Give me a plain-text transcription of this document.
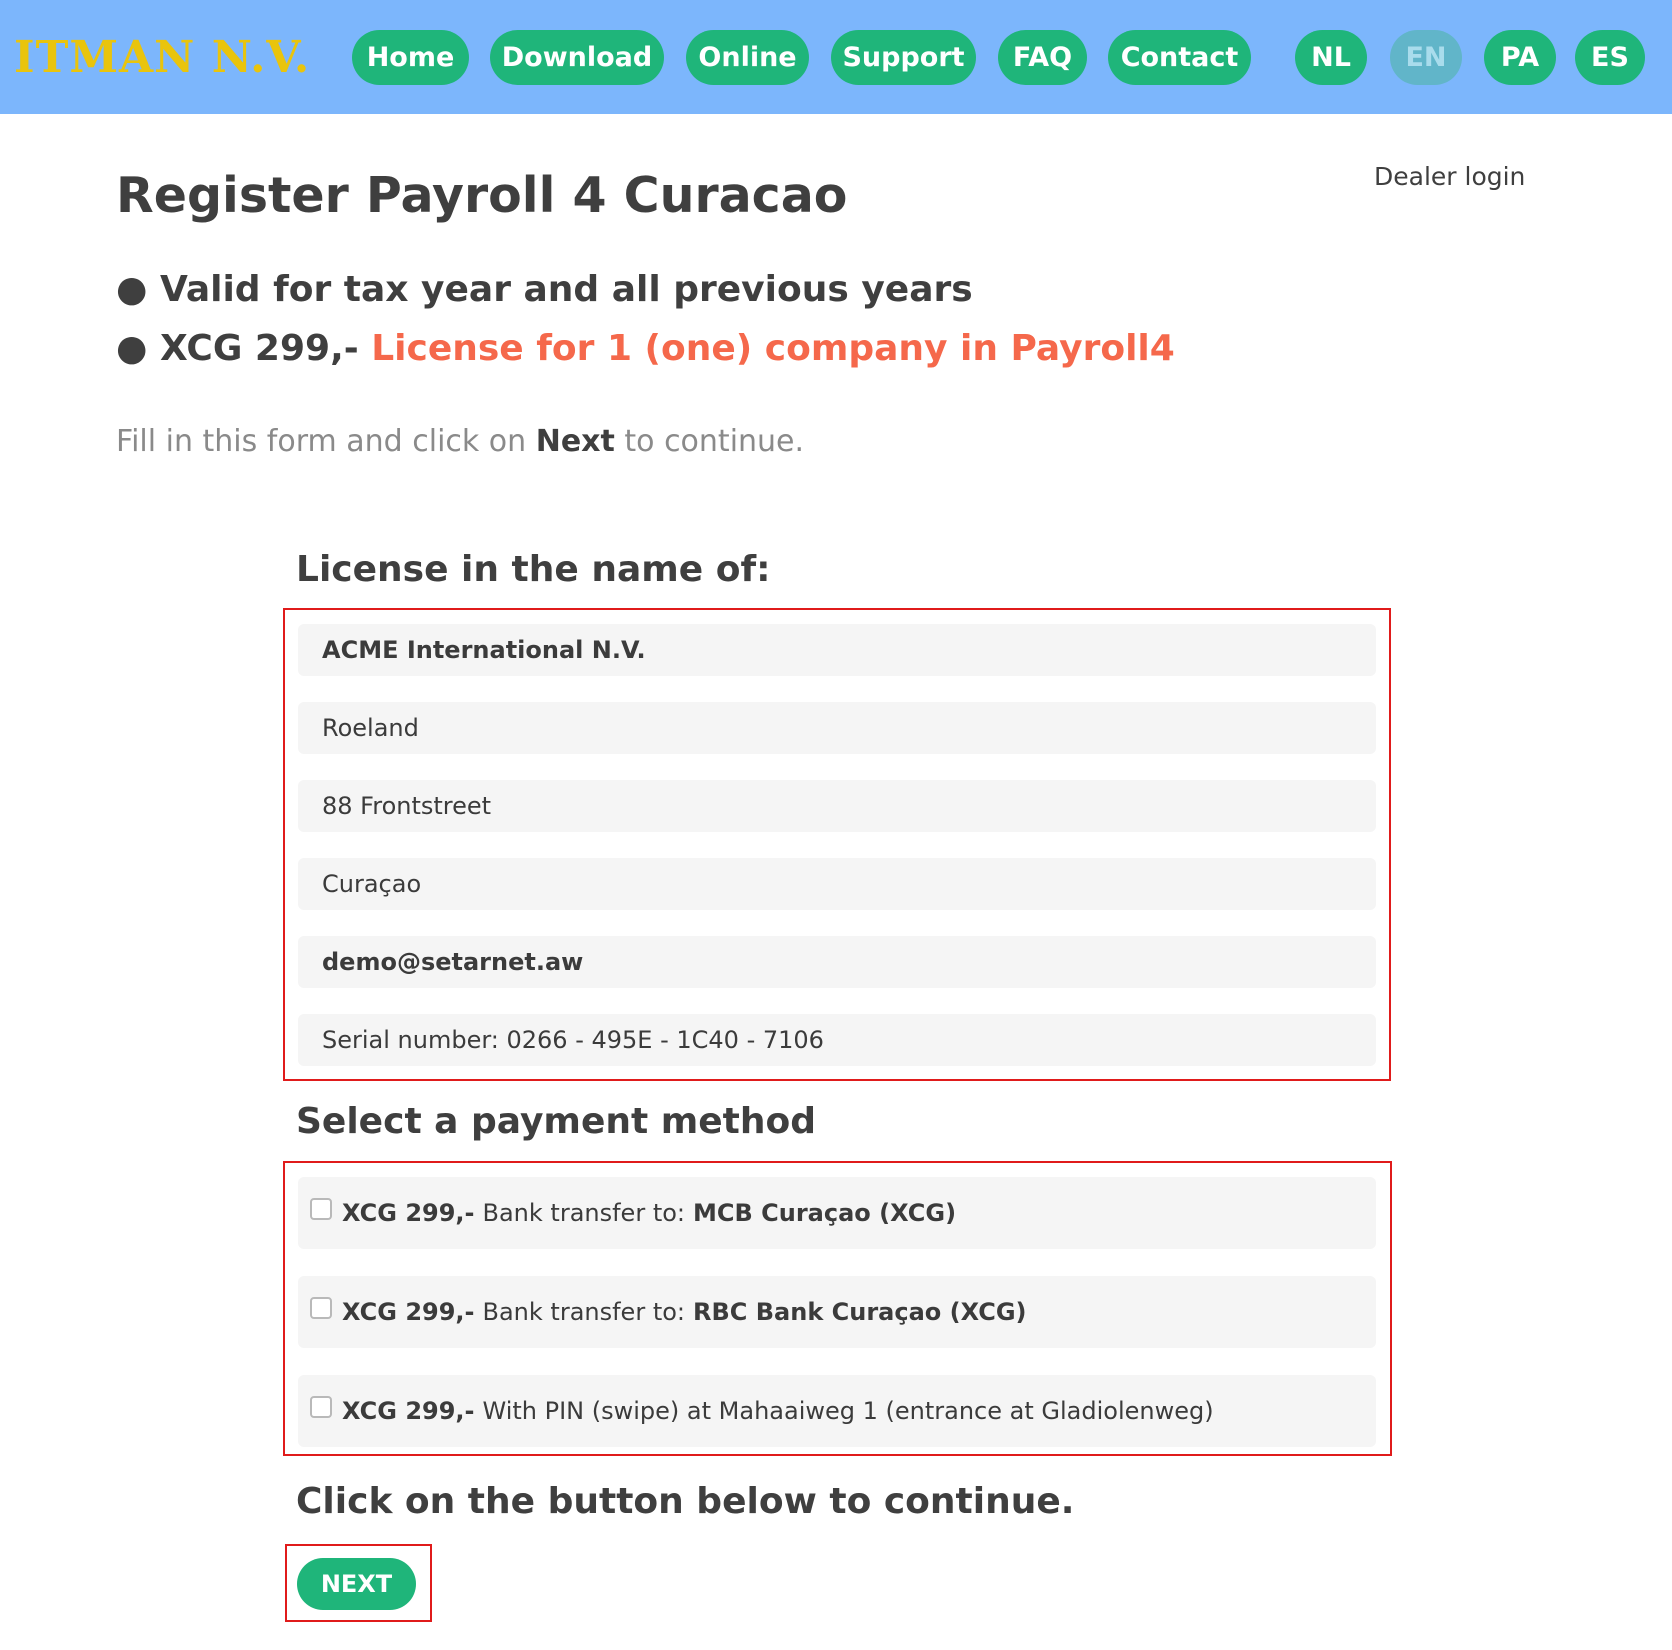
ITMAN N.V.	Home	Download	Online	Support	FAQ	Contact	NL	EN	PA	ES
Register Payroll 4 Curacao	Dealer login
● Valid for tax year and all previous years
● XCG 299,- License for 1 (one) company in Payroll4
Fill in this form and click on Next to continue.
License in the name of:
ACME International N.V.
Roeland
88 Frontstreet
Curaçao
demo@setarnet.aw
Serial number: 0266 - 495E - 1C40 - 7106
Select a payment method
XCG 299,- Bank transfer to: MCB Curaçao (XCG)
XCG 299,- Bank transfer to: RBC Bank Curaçao (XCG)
XCG 299,- With PIN (swipe) at Mahaaiweg 1 (entrance at Gladiolenweg)
Click on the button below to continue.
NEXT
